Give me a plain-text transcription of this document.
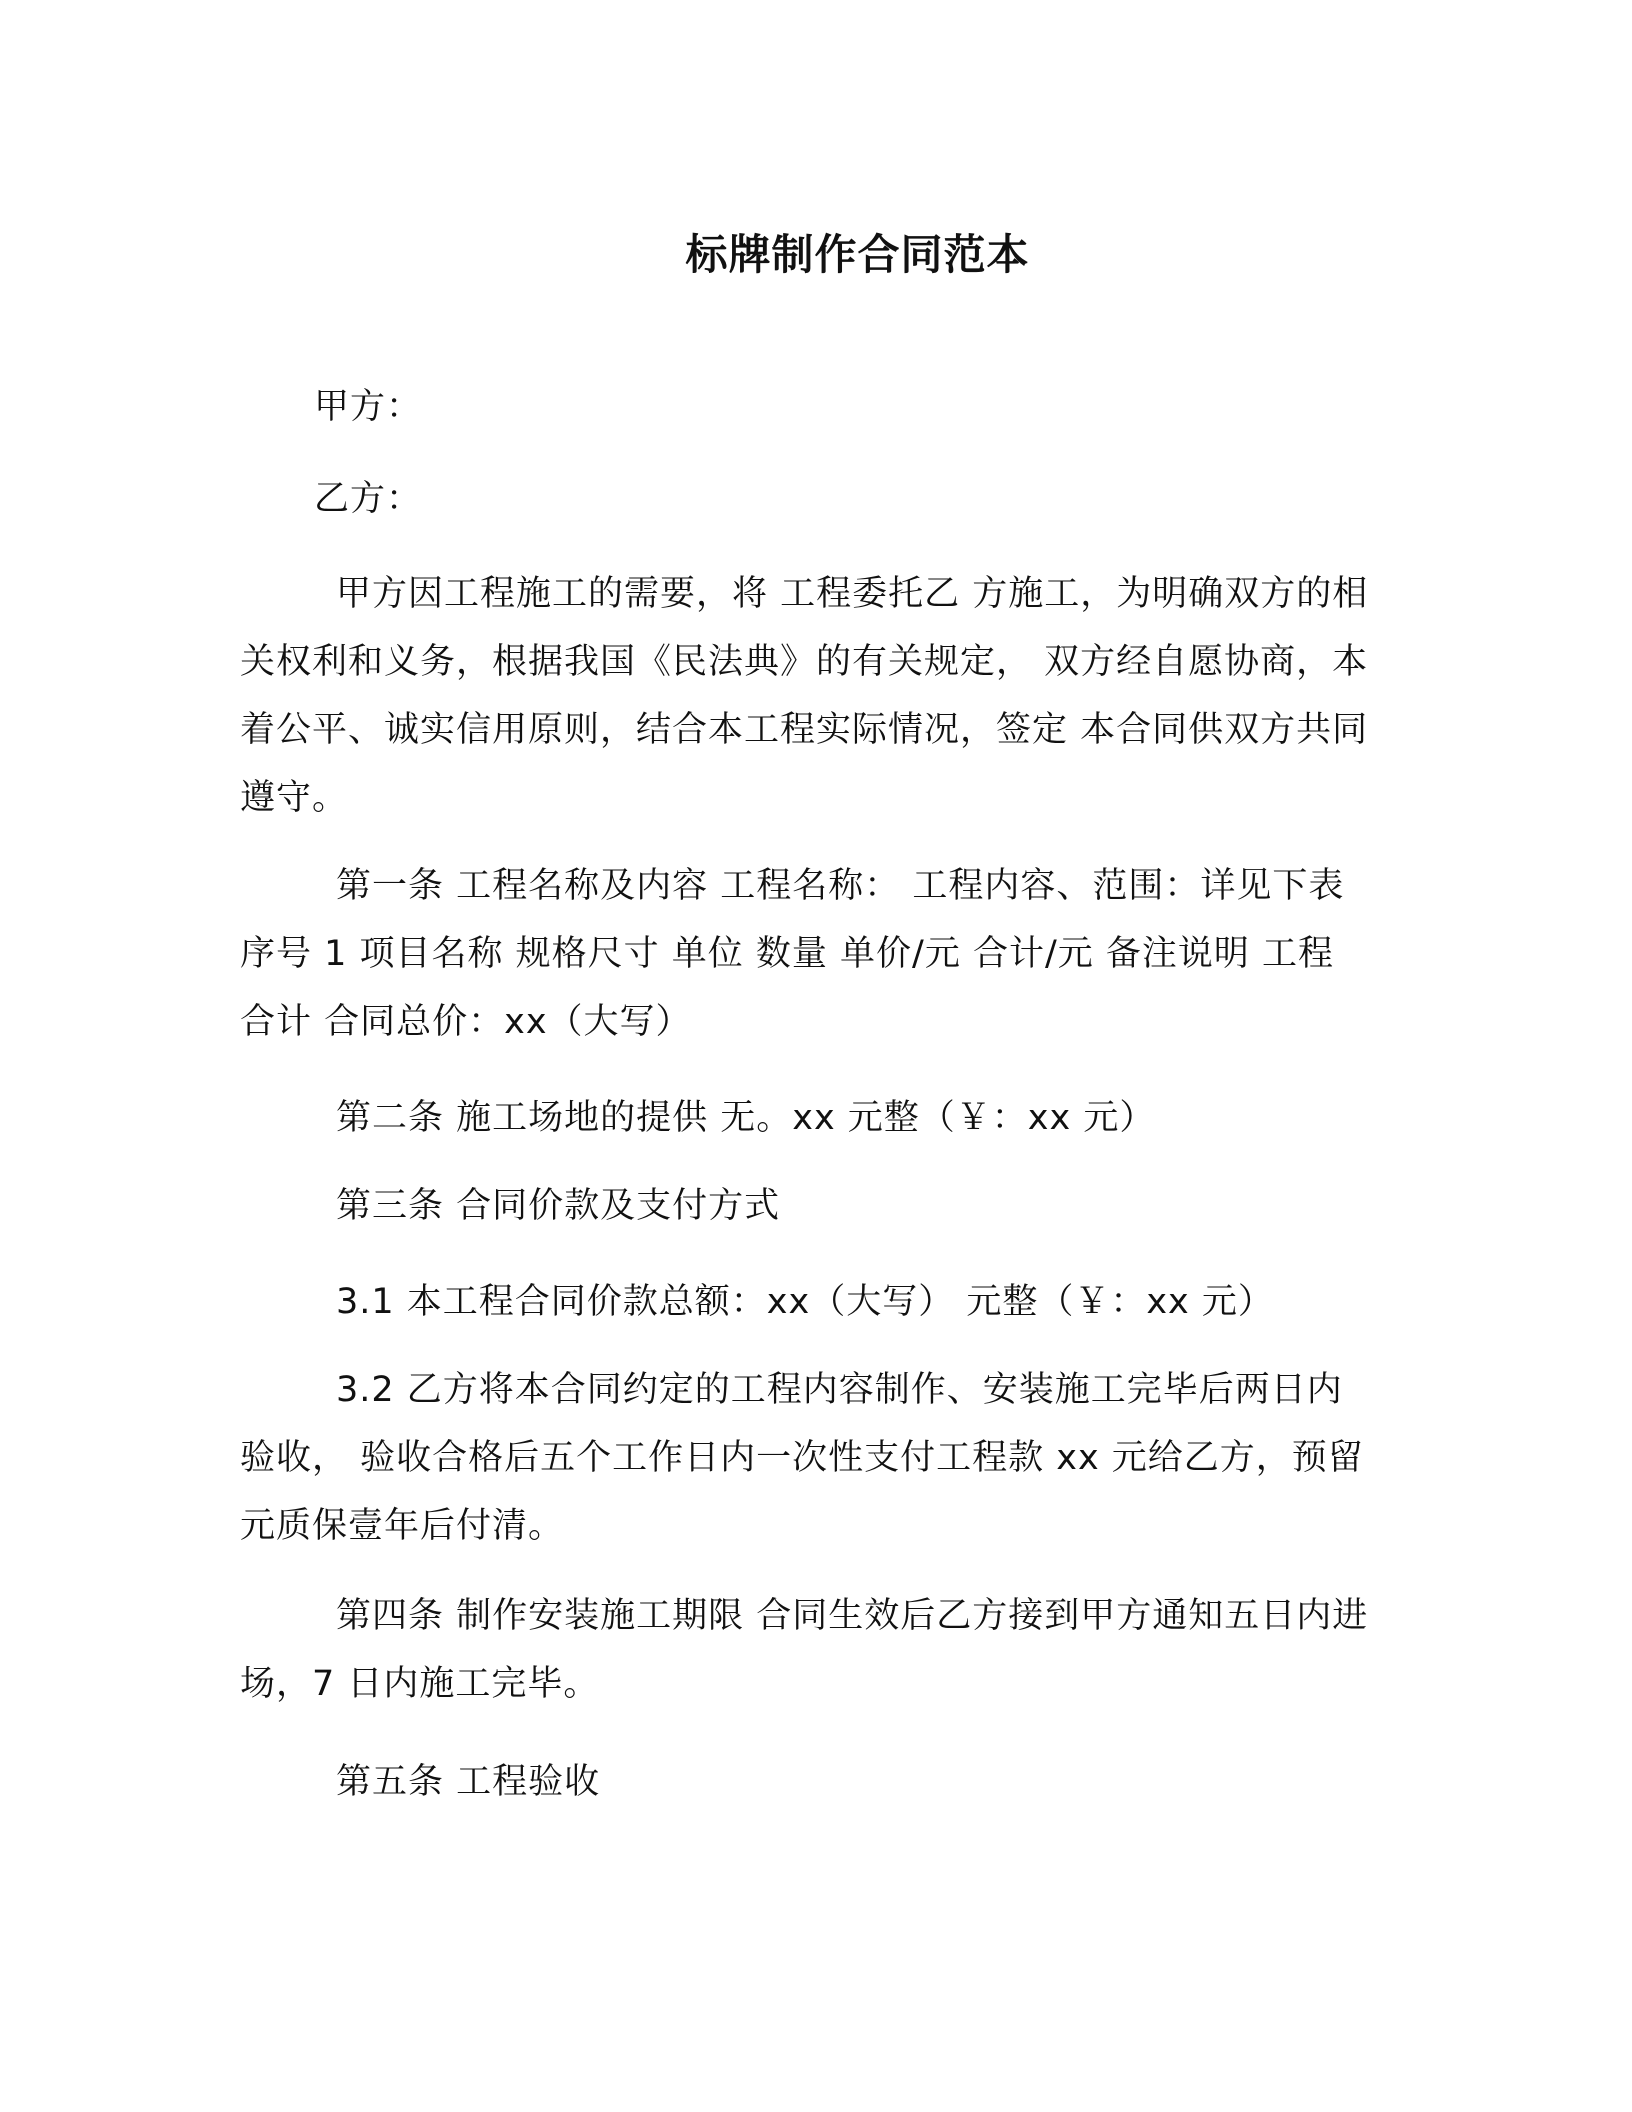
标牌制作合同范本

甲方：

乙方：

甲方因工程施工的需要，将 工程委托乙 方施工，为明确双方的相关权利和义务，根据我国《民法典》的有关规定， 双方经自愿协商，本着公平、诚实信用原则，结合本工程实际情况，签定 本合同供双方共同遵守。

第一条 工程名称及内容 工程名称： 工程内容、范围：详见下表序号 1 项目名称 规格尺寸 单位 数量 单价/元 合计/元 备注说明 工程 合计 合同总价：xx（大写）

第二条 施工场地的提供 无。xx 元整（￥：xx 元）

第三条 合同价款及支付方式

3.1 本工程合同价款总额：xx（大写） 元整（￥：xx 元）

3.2 乙方将本合同约定的工程内容制作、安装施工完毕后两日内验收， 验收合格后五个工作日内一次性支付工程款 xx 元给乙方，预留元质保壹年后付清。

第四条 制作安装施工期限 合同生效后乙方接到甲方通知五日内进场，7 日内施工完毕。

第五条 工程验收
